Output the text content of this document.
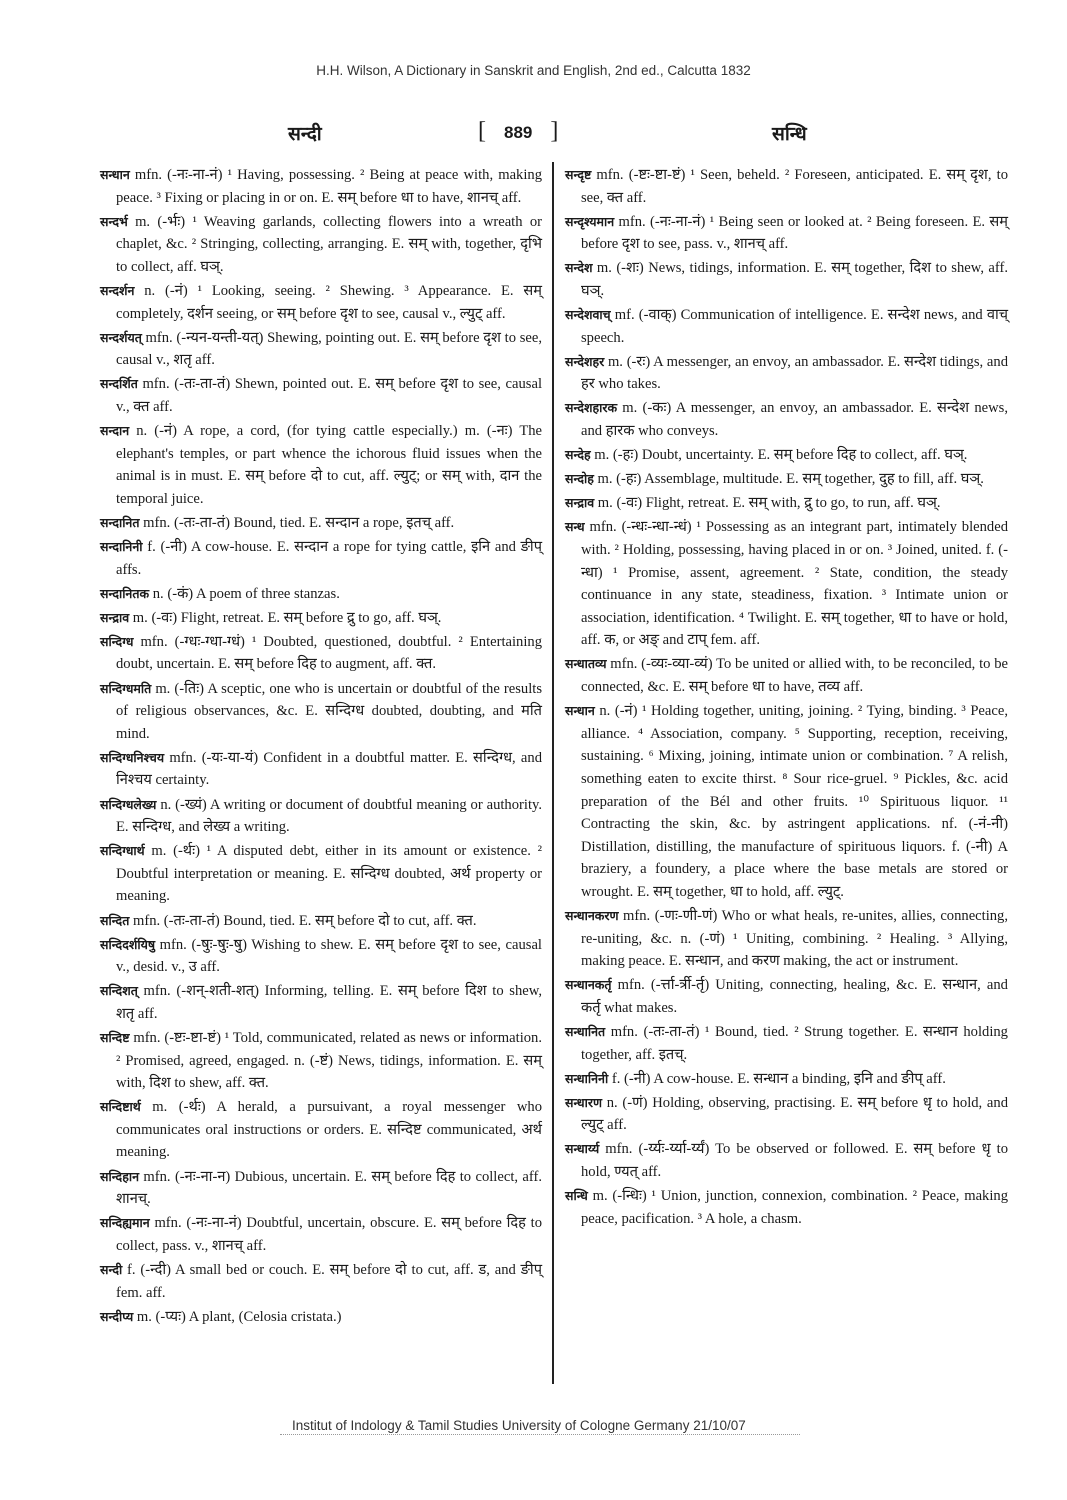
H.H. Wilson, A Dictionary in Sanskrit and English, 2nd ed., Calcutta 1832
सन्दी	[ 889 ]	सन्धि

सन्धान mfn. (-नः-ना-नं) ¹ Having, possessing. ² Being at peace with, making peace. ³ Fixing or placing in or on. E. सम् before धा to have, शानच् aff.

सन्दर्भ m. (-र्भः) ¹ Weaving garlands, collecting flowers into a wreath or chaplet, &c. ² Stringing, collecting, arranging. E. सम् with, together, दृभि to collect, aff. घञ्.

सन्दर्शन n. (-नं) ¹ Looking, seeing. ² Shewing. ³ Appearance. E. सम् completely, दर्शन seeing, or सम् before दृश to see, causal v., ल्युट् aff.

सन्दर्शयत् mfn. (-न्यन-यन्ती-यत्) Shewing, pointing out. E. सम् before दृश to see, causal v., शतृ aff.

सन्दर्शित mfn. (-तः-ता-तं) Shewn, pointed out. E. सम् before दृश to see, causal v., क्त aff.

सन्दान n. (-नं) A rope, a cord, (for tying cattle especially.) m. (-नः) The elephant's temples, or part whence the ichorous fluid issues when the animal is in must. E. सम् before दो to cut, aff. ल्युट्; or सम् with, दान the temporal juice.

सन्दानित mfn. (-तः-ता-तं) Bound, tied. E. सन्दान a rope, इतच् aff.

सन्दानिनी f. (-नी) A cow-house. E. सन्दान a rope for tying cattle, इनि and ङीप् affs.

सन्दानितक n. (-कं) A poem of three stanzas.

सन्द्राव m. (-वः) Flight, retreat. E. सम् before द्रु to go, aff. घञ्.

सन्दिग्ध mfn. (-ग्धः-ग्धा-ग्धं) ¹ Doubted, questioned, doubtful. ² Entertaining doubt, uncertain. E. सम् before दिह to augment, aff. क्त.

सन्दिग्धमति m. (-तिः) A sceptic, one who is uncertain or doubtful of the results of religious observances, &c. E. सन्दिग्ध doubted, doubting, and मति mind.

सन्दिग्धनिश्चय mfn. (-यः-या-यं) Confident in a doubtful matter. E. सन्दिग्ध, and निश्चय certainty.

सन्दिग्धलेख्य n. (-ख्यं) A writing or document of doubtful meaning or authority. E. सन्दिग्ध, and लेख्य a writing.

सन्दिग्धार्थ m. (-र्थः) ¹ A disputed debt, either in its amount or existence. ² Doubtful interpretation or meaning. E. सन्दिग्ध doubted, अर्थ property or meaning.

सन्दित mfn. (-तः-ता-तं) Bound, tied. E. सम् before दो to cut, aff. क्त.

सन्दिदर्शयिषु mfn. (-षुः-षुः-षु) Wishing to shew. E. सम् before दृश to see, causal v., desid. v., उ aff.

सन्दिशत् mfn. (-शन्-शती-शत्) Informing, telling. E. सम् before दिश to shew, शतृ aff.

सन्दिष्ट mfn. (-ष्टः-ष्टा-ष्टं) ¹ Told, communicated, related as news or information. ² Promised, agreed, engaged. n. (-ष्टं) News, tidings, information. E. सम् with, दिश to shew, aff. क्त.

सन्दिष्टार्थ m. (-र्थः) A herald, a pursuivant, a royal messenger who communicates oral instructions or orders. E. सन्दिष्ट communicated, अर्थ meaning.

सन्दिहान mfn. (-नः-ना-न) Dubious, uncertain. E. सम् before दिह to collect, aff. शानच्.

सन्दिह्यमान mfn. (-नः-ना-नं) Doubtful, uncertain, obscure. E. सम् before दिह to collect, pass. v., शानच् aff.

सन्दी f. (-न्दी) A small bed or couch. E. सम् before दो to cut, aff. ड, and ङीप् fem. aff.

सन्दीप्य m. (-प्यः) A plant, (Celosia cristata.)

सन्दृष्ट mfn. (-ष्टः-ष्टा-ष्टं) ¹ Seen, beheld. ² Foreseen, anticipated. E. सम् दृश, to see, क्त aff.

सन्दृश्यमान mfn. (-नः-ना-नं) ¹ Being seen or looked at. ² Being foreseen. E. सम् before दृश to see, pass. v., शानच् aff.

सन्देश m. (-शः) News, tidings, information. E. सम् together, दिश to shew, aff. घञ्.

सन्देशवाच् mf. (-वाक्) Communication of intelligence. E. सन्देश news, and वाच् speech.

सन्देशहर m. (-रः) A messenger, an envoy, an ambassador. E. सन्देश tidings, and हर who takes.

सन्देशहारक m. (-कः) A messenger, an envoy, an ambassador. E. सन्देश news, and हारक who conveys.

सन्देह m. (-हः) Doubt, uncertainty. E. सम् before दिह to collect, aff. घञ्.

सन्दोह m. (-हः) Assemblage, multitude. E. सम् together, दुह to fill, aff. घञ्.

सन्द्राव m. (-वः) Flight, retreat. E. सम् with, द्रु to go, to run, aff. घञ्.

सन्ध mfn. (-न्धः-न्धा-न्धं) ¹ Possessing as an integrant part, intimately blended with. ² Holding, possessing, having placed in or on. ³ Joined, united. f. (-न्धा) ¹ Promise, assent, agreement. ² State, condition, the steady continuance in any state, steadiness, fixation. ³ Intimate union or association, identification. ⁴ Twilight. E. सम् together, धा to have or hold, aff. क, or अङ् and टाप् fem. aff.

सन्धातव्य mfn. (-व्यः-व्या-व्यं) To be united or allied with, to be reconciled, to be connected, &c. E. सम् before धा to have, तव्य aff.

सन्धान n. (-नं) ¹ Holding together, uniting, joining. ² Tying, binding. ³ Peace, alliance. ⁴ Association, company. ⁵ Supporting, reception, receiving, sustaining. ⁶ Mixing, joining, intimate union or combination. ⁷ A relish, something eaten to excite thirst. ⁸ Sour rice-gruel. ⁹ Pickles, &c. acid preparation of the Bél and other fruits. ¹⁰ Spirituous liquor. ¹¹ Contracting the skin, &c. by astringent applications. nf. (-नं-नी) Distillation, distilling, the manufacture of spirituous liquors. f. (-नी) A braziery, a foundery, a place where the base metals are stored or wrought. E. सम् together, धा to hold, aff. ल्युट्.

सन्धानकरण mfn. (-णः-णी-णं) Who or what heals, re-unites, allies, connecting, re-uniting, &c. n. (-णं) ¹ Uniting, combining. ² Healing. ³ Allying, making peace. E. सन्धान, and करण making, the act or instrument.

सन्धानकर्तृ mfn. (-र्त्ता-र्त्री-र्तृ) Uniting, connecting, healing, &c. E. सन्धान, and कर्तृ what makes.

सन्धानित mfn. (-तः-ता-तं) ¹ Bound, tied. ² Strung together. E. सन्धान holding together, aff. इतच्.

सन्धानिनी f. (-नी) A cow-house. E. सन्धान a binding, इनि and ङीप् aff.

सन्धारण n. (-णं) Holding, observing, practising. E. सम् before धृ to hold, and ल्युट् aff.

सन्धार्य्य mfn. (-र्य्यः-र्य्या-र्य्यं) To be observed or followed. E. सम् before धृ to hold, ण्यत् aff.

सन्धि m. (-न्धिः) ¹ Union, junction, connexion, combination. ² Peace, making peace, pacification. ³ A hole, a chasm.

Institut of Indology & Tamil Studies University of Cologne Germany 21/10/07
